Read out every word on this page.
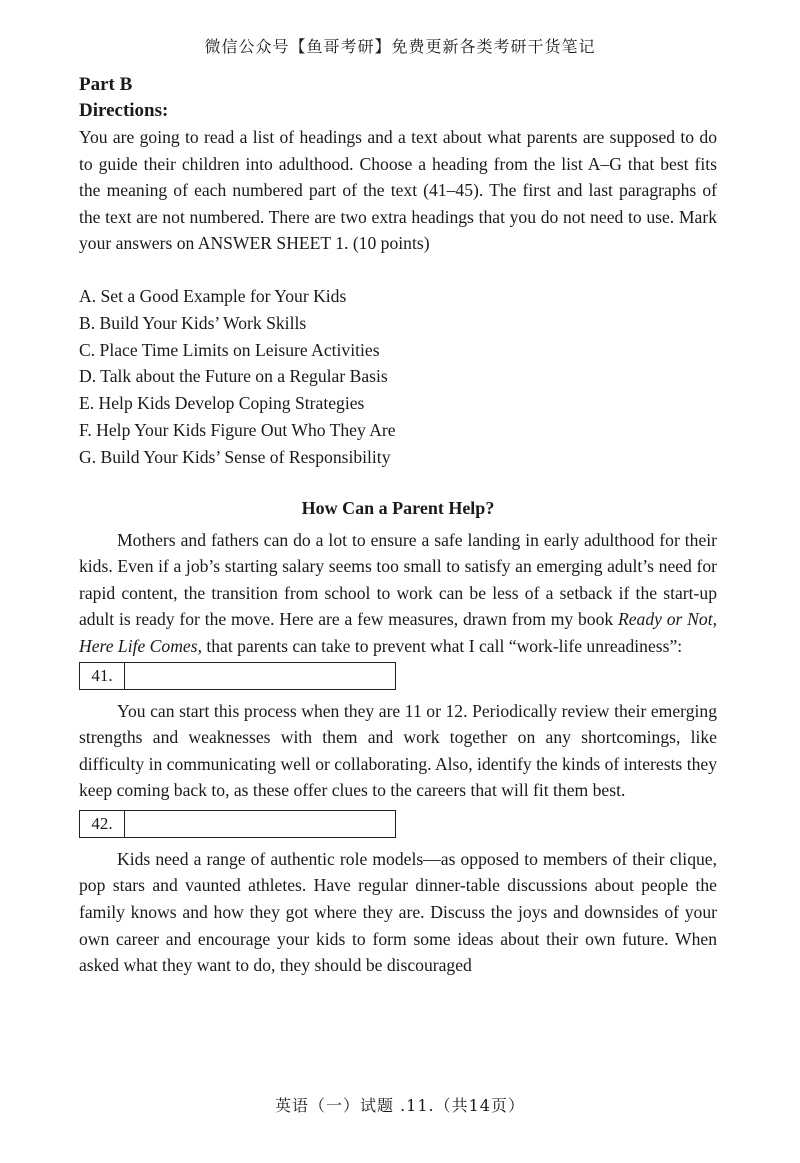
微信公众号【鱼哥考研】免费更新各类考研干货笔记

Part B

Directions:

You are going to read a list of headings and a text about what parents are supposed to do to guide their children into adulthood. Choose a heading from the list A–G that best fits the meaning of each numbered part of the text (41–45). The first and last paragraphs of the text are not numbered. There are two extra headings that you do not need to use. Mark your answers on ANSWER SHEET 1. (10 points)

A. Set a Good Example for Your Kids
B. Build Your Kids’ Work Skills
C. Place Time Limits on Leisure Activities
D. Talk about the Future on a Regular Basis
E. Help Kids Develop Coping Strategies
F. Help Your Kids Figure Out Who They Are
G. Build Your Kids’ Sense of Responsibility
How Can a Parent Help?

Mothers and fathers can do a lot to ensure a safe landing in early adulthood for their kids. Even if a job’s starting salary seems too small to satisfy an emerging adult’s need for rapid content, the transition from school to work can be less of a setback if the start-up adult is ready for the move. Here are a few measures, drawn from my book Ready or Not, Here Life Comes, that parents can take to prevent what I call “work-life unreadiness”:

41.

You can start this process when they are 11 or 12. Periodically review their emerging strengths and weaknesses with them and work together on any shortcomings, like difficulty in communicating well or collaborating. Also, identify the kinds of interests they keep coming back to, as these offer clues to the careers that will fit them best.

42.

Kids need a range of authentic role models—as opposed to members of their clique, pop stars and vaunted athletes. Have regular dinner-table discussions about people the family knows and how they got where they are. Discuss the joys and downsides of your own career and encourage your kids to form some ideas about their own future. When asked what they want to do, they should be discouraged

英语（一）试题 .11.（共14页）
